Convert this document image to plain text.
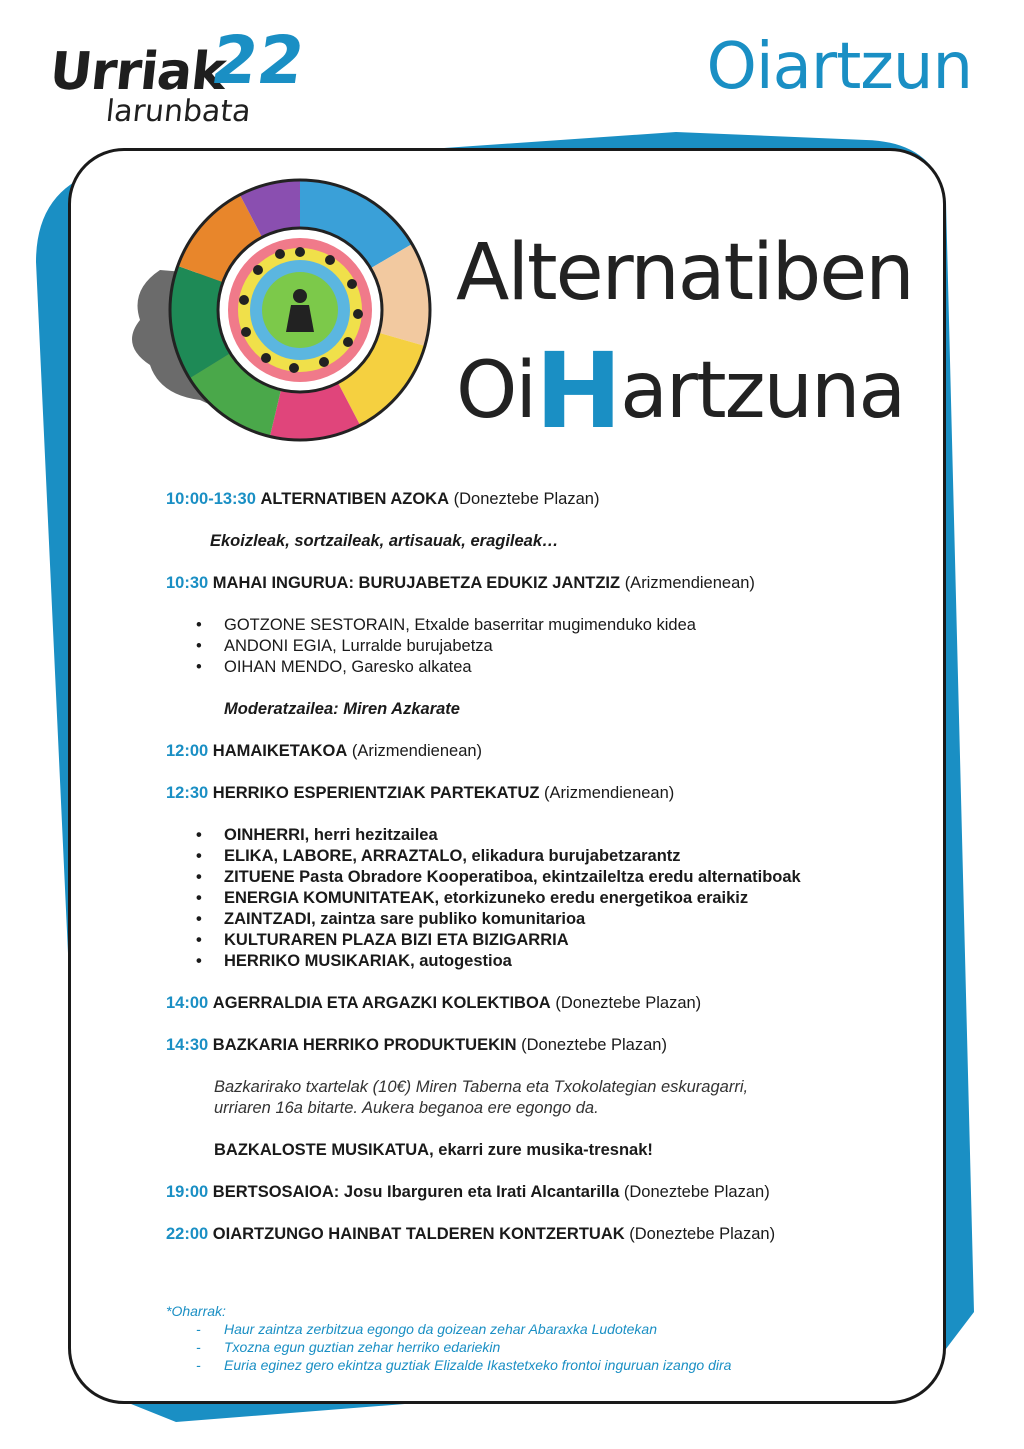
Urriak
22
larunbata
Oiartzun
Alternatiben
OiHartzuna
10:00-13:30 ALTERNATIBEN AZOKA (Doneztebe Plazan)
Ekoizleak, sortzaileak, artisauak, eragileak…
10:30 MAHAI INGURUA: BURUJABETZA EDUKIZ JANTZIZ (Arizmendienean)
• GOTZONE SESTORAIN, Etxalde baserritar mugimenduko kidea
• ANDONI EGIA, Lurralde burujabetza
• OIHAN MENDO, Garesko alkatea
Moderatzailea: Miren Azkarate
12:00 HAMAIKETAKOA (Arizmendienean)
12:30 HERRIKO ESPERIENTZIAK PARTEKATUZ (Arizmendienean)
• OINHERRI, herri hezitzailea
• ELIKA, LABORE, ARRAZTALO, elikadura burujabetzarantz
• ZITUENE Pasta Obradore Kooperatiboa, ekintzaileltza eredu alternatiboak
• ENERGIA KOMUNITATEAK, etorkizuneko eredu energetikoa eraikiz
• ZAINTZADI, zaintza sare publiko komunitarioa
• KULTURAREN PLAZA BIZI ETA BIZIGARRIA
• HERRIKO MUSIKARIAK, autogestioa
14:00 AGERRALDIA ETA ARGAZKI KOLEKTIBOA (Doneztebe Plazan)
14:30 BAZKARIA HERRIKO PRODUKTUEKIN (Doneztebe Plazan)
Bazkarirako txartelak (10€) Miren Taberna eta Txokolategian eskuragarri,
urriaren 16a bitarte. Aukera beganoa ere egongo da.
BAZKALOSTE MUSIKATUA, ekarri zure musika-tresnak!
19:00 BERTSOSAIOA: Josu Ibarguren eta Irati Alcantarilla (Doneztebe Plazan)
22:00 OIARTZUNGO HAINBAT TALDEREN KONTZERTUAK (Doneztebe Plazan)
*Oharrak:
- Haur zaintza zerbitzua egongo da goizean zehar Abaraxka Ludotekan
- Txozna egun guztian zehar herriko edariekin
- Euria eginez gero ekintza guztiak Elizalde Ikastetxeko frontoi inguruan izango dira
